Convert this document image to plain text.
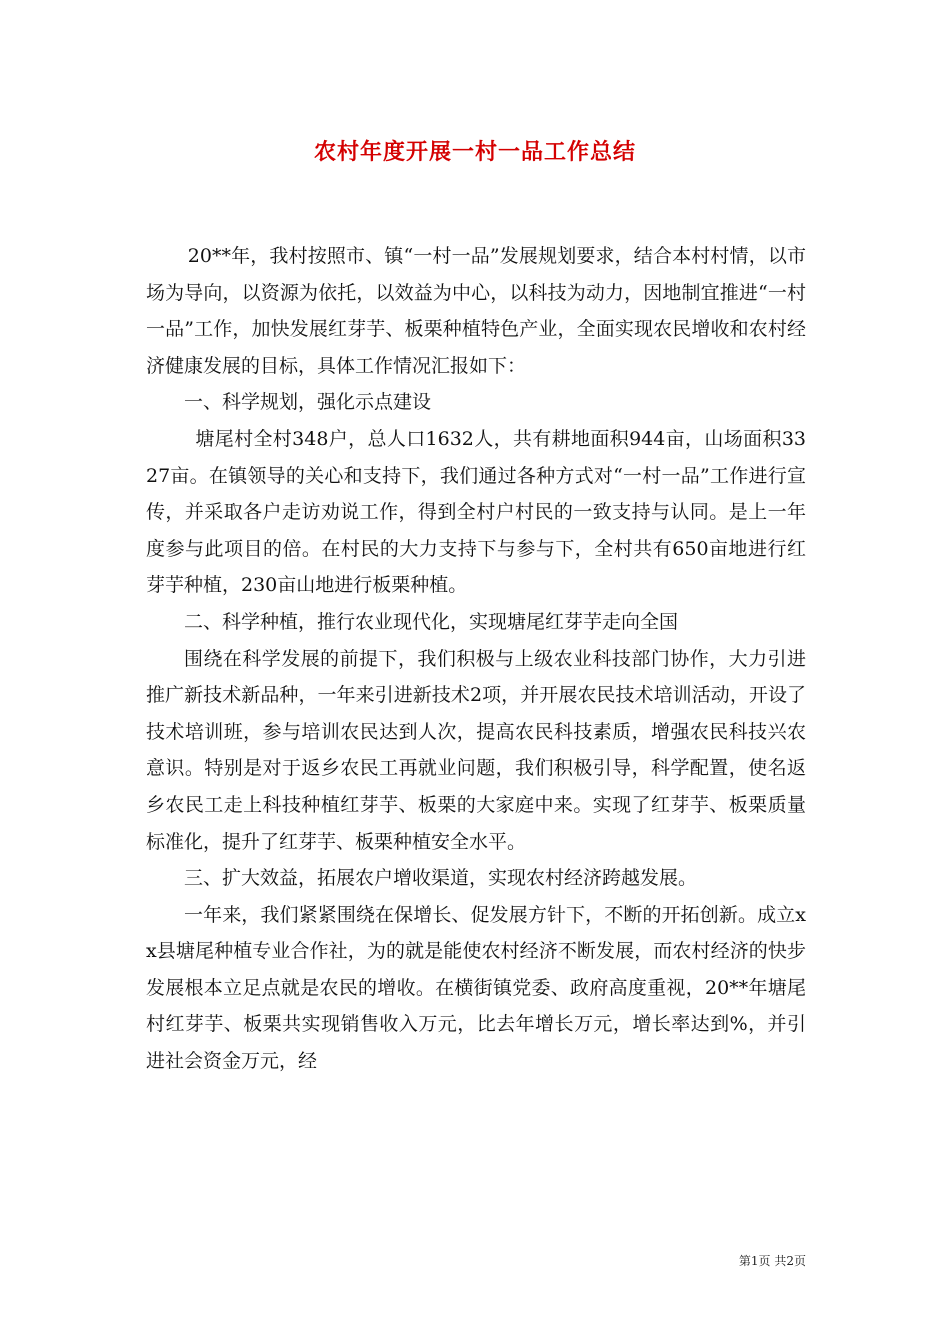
农村年度开展一村一品工作总结

20**年，我村按照市、镇“一村一品”发展规划要求，结合本村村情，以市场为导向，以资源为依托，以效益为中心，以科技为动力，因地制宜推进“一村一品”工作，加快发展红芽芋、板栗种植特色产业，全面实现农民增收和农村经济健康发展的目标，具体工作情况汇报如下：

一、科学规划，强化示点建设

塘尾村全村348户，总人口1632人，共有耕地面积944亩，山场面积3327亩。在镇领导的关心和支持下，我们通过各种方式对“一村一品”工作进行宣传，并采取各户走访劝说工作，得到全村户村民的一致支持与认同。是上一年度参与此项目的倍。在村民的大力支持下与参与下，全村共有650亩地进行红芽芋种植，230亩山地进行板栗种植。

二、科学种植，推行农业现代化，实现塘尾红芽芋走向全国

围绕在科学发展的前提下，我们积极与上级农业科技部门协作，大力引进推广新技术新品种，一年来引进新技术2项，并开展农民技术培训活动，开设了技术培训班，参与培训农民达到人次，提高农民科技素质，增强农民科技兴农意识。特别是对于返乡农民工再就业问题，我们积极引导，科学配置，使名返乡农民工走上科技种植红芽芋、板栗的大家庭中来。实现了红芽芋、板栗质量标准化，提升了红芽芋、板栗种植安全水平。

三、扩大效益，拓展农户增收渠道，实现农村经济跨越发展。

一年来，我们紧紧围绕在保增长、促发展方针下，不断的开拓创新。成立xx县塘尾种植专业合作社，为的就是能使农村经济不断发展，而农村经济的快步发展根本立足点就是农民的增收。在横街镇党委、政府高度重视，20**年塘尾村红芽芋、板栗共实现销售收入万元，比去年增长万元，增长率达到%，并引进社会资金万元，经

第1页 共2页
